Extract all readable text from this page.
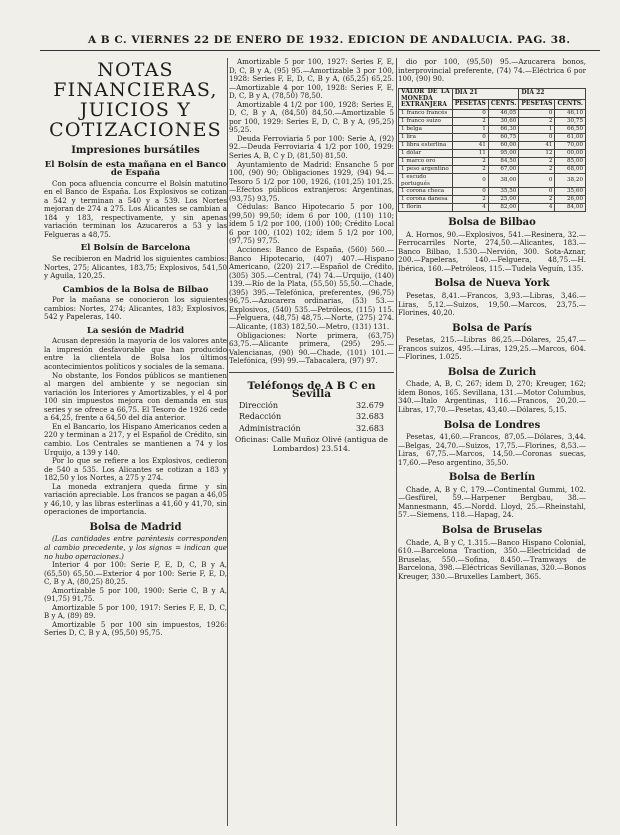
A B C. VIERNES 22 DE ENERO DE 1932. EDICION DE ANDALUCIA. PAG. 38.
NOTAS FINANCIERAS, JUICIOS Y COTIZACIONES
Impresiones bursátiles
El Bolsín de esta mañana en el Banco de España

Con poca afluencia concurre el Bolsín matutino en el Banco de España. Los Explosivos se cotizan a 542 y terminan a 540 y a 539. Los Nortes mejoran de 274 a 275. Los Alicantes se cambian a 184 y 183, respectivamente, y sin apenas variación terminan los Azucareros a 53 y las Felgueras a 48,75.

El Bolsín de Barcelona

Se recibieron en Madrid los siguientes cambios: Nortes, 275; Alicantes, 183,75; Explosivos, 541,50 y Aguila, 120,25.

Cambios de la Bolsa de Bilbao

Por la mañana se conocieron los siguientes cambios: Nortes, 274; Alicantes, 183; Explosivos, 542 y Papeleras, 140.

La sesión de Madrid

Acusan depresión la mayoría de los valores ante la impresión desfavorable que han producido entre la clientela de Bolsa los últimos acontecimientos políticos y sociales de la semana.

No obstante, los Fondos públicos se mantienen al margen del ambiente y se negocian sin variación los Interiores y Amortizables, y el 4 por 100 sin impuestos mejora con demanda en sus series y se ofrece a 66,75. El Tesoro de 1926 cede a 64,25, frente a 64,50 del día anterior.

En el Bancario, los Hispano Americanos ceden a 220 y terminan a 217, y el Español de Crédito, sin cambio. Los Centrales se mantienen a 74 y los Urquijo, a 139 y 140.

Por lo que se refiere a los Explosivos, cedieron de 540 a 535. Los Alicantes se cotizan a 183 y 182,50 y los Nortes, a 275 y 274.

La moneda extranjera queda firme y sin variación apreciable. Los francos se pagan a 46,05 y 46,10, y las libras esterlinas a 41,60 y 41,70, sin operaciones de importancia.

Bolsa de Madrid

(Las cantidades entre paréntesis corresponden al cambio precedente, y los signos = indican que no hubo operaciones.)

Interior 4 por 100: Serie F, E, D, C, B y A, (65,50) 65,50.—Exterior 4 por 100: Serie F, E, D, C, B y A, (80,25) 80,25.

Amortizable 5 por 100, 1900: Serie C, B y A, (91,75) 91,75.

Amortizable 5 por 100, 1917: Series F, E, D, C, B y A, (89) 89.

Amortizable 5 por 100 sin impuestos, 1926: Series D, C, B y A, (95,50) 95,75.

Amortizable 5 por 100, 1927: Series F, E, D, C, B y A, (95) 95.—Amortizable 3 por 100, 1928: Series F, E, D, C, B y A, (65,25) 65,25.—Amortizable 4 por 100, 1928: Series F, E, D, C, B y A, (78,50) 78,50.

Amortizable 4 1/2 por 100, 1928: Series E, D, C, B y A, (84,50) 84,50.—Amortizable 5 por 100, 1929: Series E, D, C, B y A, (95,25) 95,25.

Deuda Ferroviaria 5 por 100: Serie A, (92) 92.—Deuda Ferroviaria 4 1/2 por 100, 1929: Series A, B, C y D, (81,50) 81,50.

Ayuntamiento de Madrid: Ensanche 5 por 100, (90) 90; Obligaciones 1929, (94) 94.—Tesoro 5 1/2 por 100, 1926, (101,25) 101,25.—Efectos públicos extranjeros: Argentinas, (93,75) 93,75.

Cédulas: Banco Hipotecario 5 por 100, (99,50) 99,50; ídem 6 por 100, (110) 110; ídem 5 1/2 por 100, (100) 100; Crédito Local 6 por 100, (102) 102; ídem 5 1/2 por 100, (97,75) 97,75.

Acciones: Banco de España, (560) 560.—Banco Hipotecario, (407) 407.—Hispano Americano, (220) 217.—Español de Crédito, (305) 305.—Central, (74) 74.—Urquijo, (140) 139.—Río de la Plata, (55,50) 55,50.—Chade, (395) 395.—Telefónica, preferentes, (96,75) 96,75.—Azucarera ordinarias, (53) 53.—Explosivos, (540) 535.—Petróleos, (115) 115.—Felguera, (48,75) 48,75.—Norte, (275) 274.—Alicante, (183) 182,50.—Metro, (131) 131.

Obligaciones: Norte primera, (63,75) 63,75.—Alicante primera, (295) 295.—Valencianas, (90) 90.—Chade, (101) 101.—Telefónica, (99) 99.—Tabacalera, (97) 97.

Teléfonos de A B C en Sevilla
Dirección	32.679
Redacción	32.683
Administración	32.683

Oficinas: Calle Muñoz Olivé (antigua de Lombardos) 23.514.

dio por 100, (95,50) 95.—Azucarera bonos, interprovincial preferente, (74) 74.—Eléctrica 6 por 100, (90) 90.

VALOR DE LA MONEDA EXTRANJERA	DIA 21		DIA 22	
	PESETAS	CENTS.	PESETAS	CENTS.
1 franco francés	0	46,05	0	46,10
1 franco suizo	2	30,60	2	30,75
1 belga	1	66,30	1	66,50
1 lira	0	60,75	0	61,00
1 libra esterlina	41	60,00	41	70,00
1 dólar	11	95,00	12	00,00
1 marco oro	2	84,50	2	85,00
1 peso argentino	2	67,00	2	68,00
1 escudo portugués	0	38,00	0	38,20
1 corona checa	0	35,50	0	35,60
1 corona danesa	2	25,00	2	26,00
1 florín	4	82,00	4	84,00
Bolsa de Bilbao

A. Hornos, 90.—Explosivos, 541.—Resinera, 32.—Ferrocarriles Norte, 274,50.—Alicantes, 183.—Banco Bilbao, 1.530.—Nervión, 300. Sota-Aznar, 200.—Papeleras, 140.—Felguera, 48,75.—H. Ibérica, 160.—Petróleos, 115.—Tudela Veguín, 135.

Bolsa de Nueva York

Pesetas, 8,41.—Francos, 3,93.—Libras, 3,46.—Liras, 5,12.—Suizos, 19,50.—Marcos, 23,75.—Florines, 40,20.

Bolsa de París

Pesetas, 215.—Libras 86,25.—Dólares, 25,47.—Francos suizos, 495.—Liras, 129,25.—Marcos, 604.—Florines, 1.025.

Bolsa de Zurich

Chade, A, B, C, 267; ídem D, 270; Kreuger, 162; ídem Bonos, 165. Sevillana, 131.—Motor Columbus, 340.—Italo Argentinas, 116.—Francos, 20,20.—Libras, 17,70.—Pesetas, 43,40.—Dólares, 5,15.

Bolsa de Londres

Pesetas, 41,60.—Francos, 87,05.—Dólares, 3,44.—Belgas, 24,70.—Suizos, 17,75.—Florines, 8,53.—Liras, 67,75.—Marcos, 14,50.—Coronas suecas, 17,60.—Peso argentino, 35,50.

Bolsa de Berlín

Chade, A, B y C, 179.—Continental Gummi, 102.—Gesfürel, 59.—Harpener Bergbau, 38.—Mannesmann, 45.—Nordd. Lloyd, 25.—Rheinstahl, 57.—Siemens, 118.—Hapag, 24.

Bolsa de Bruselas

Chade, A, B y C, 1.315.—Banco Hispano Colonial, 610.—Barcelona Traction, 350.—Electricidad de Bruselas, 550.—Sofina, 8.450.—Tramways de Barcelona, 398.—Eléctricas Sevillanas, 320.—Bonos Kreuger, 330.—Bruxelles Lambert, 365.
